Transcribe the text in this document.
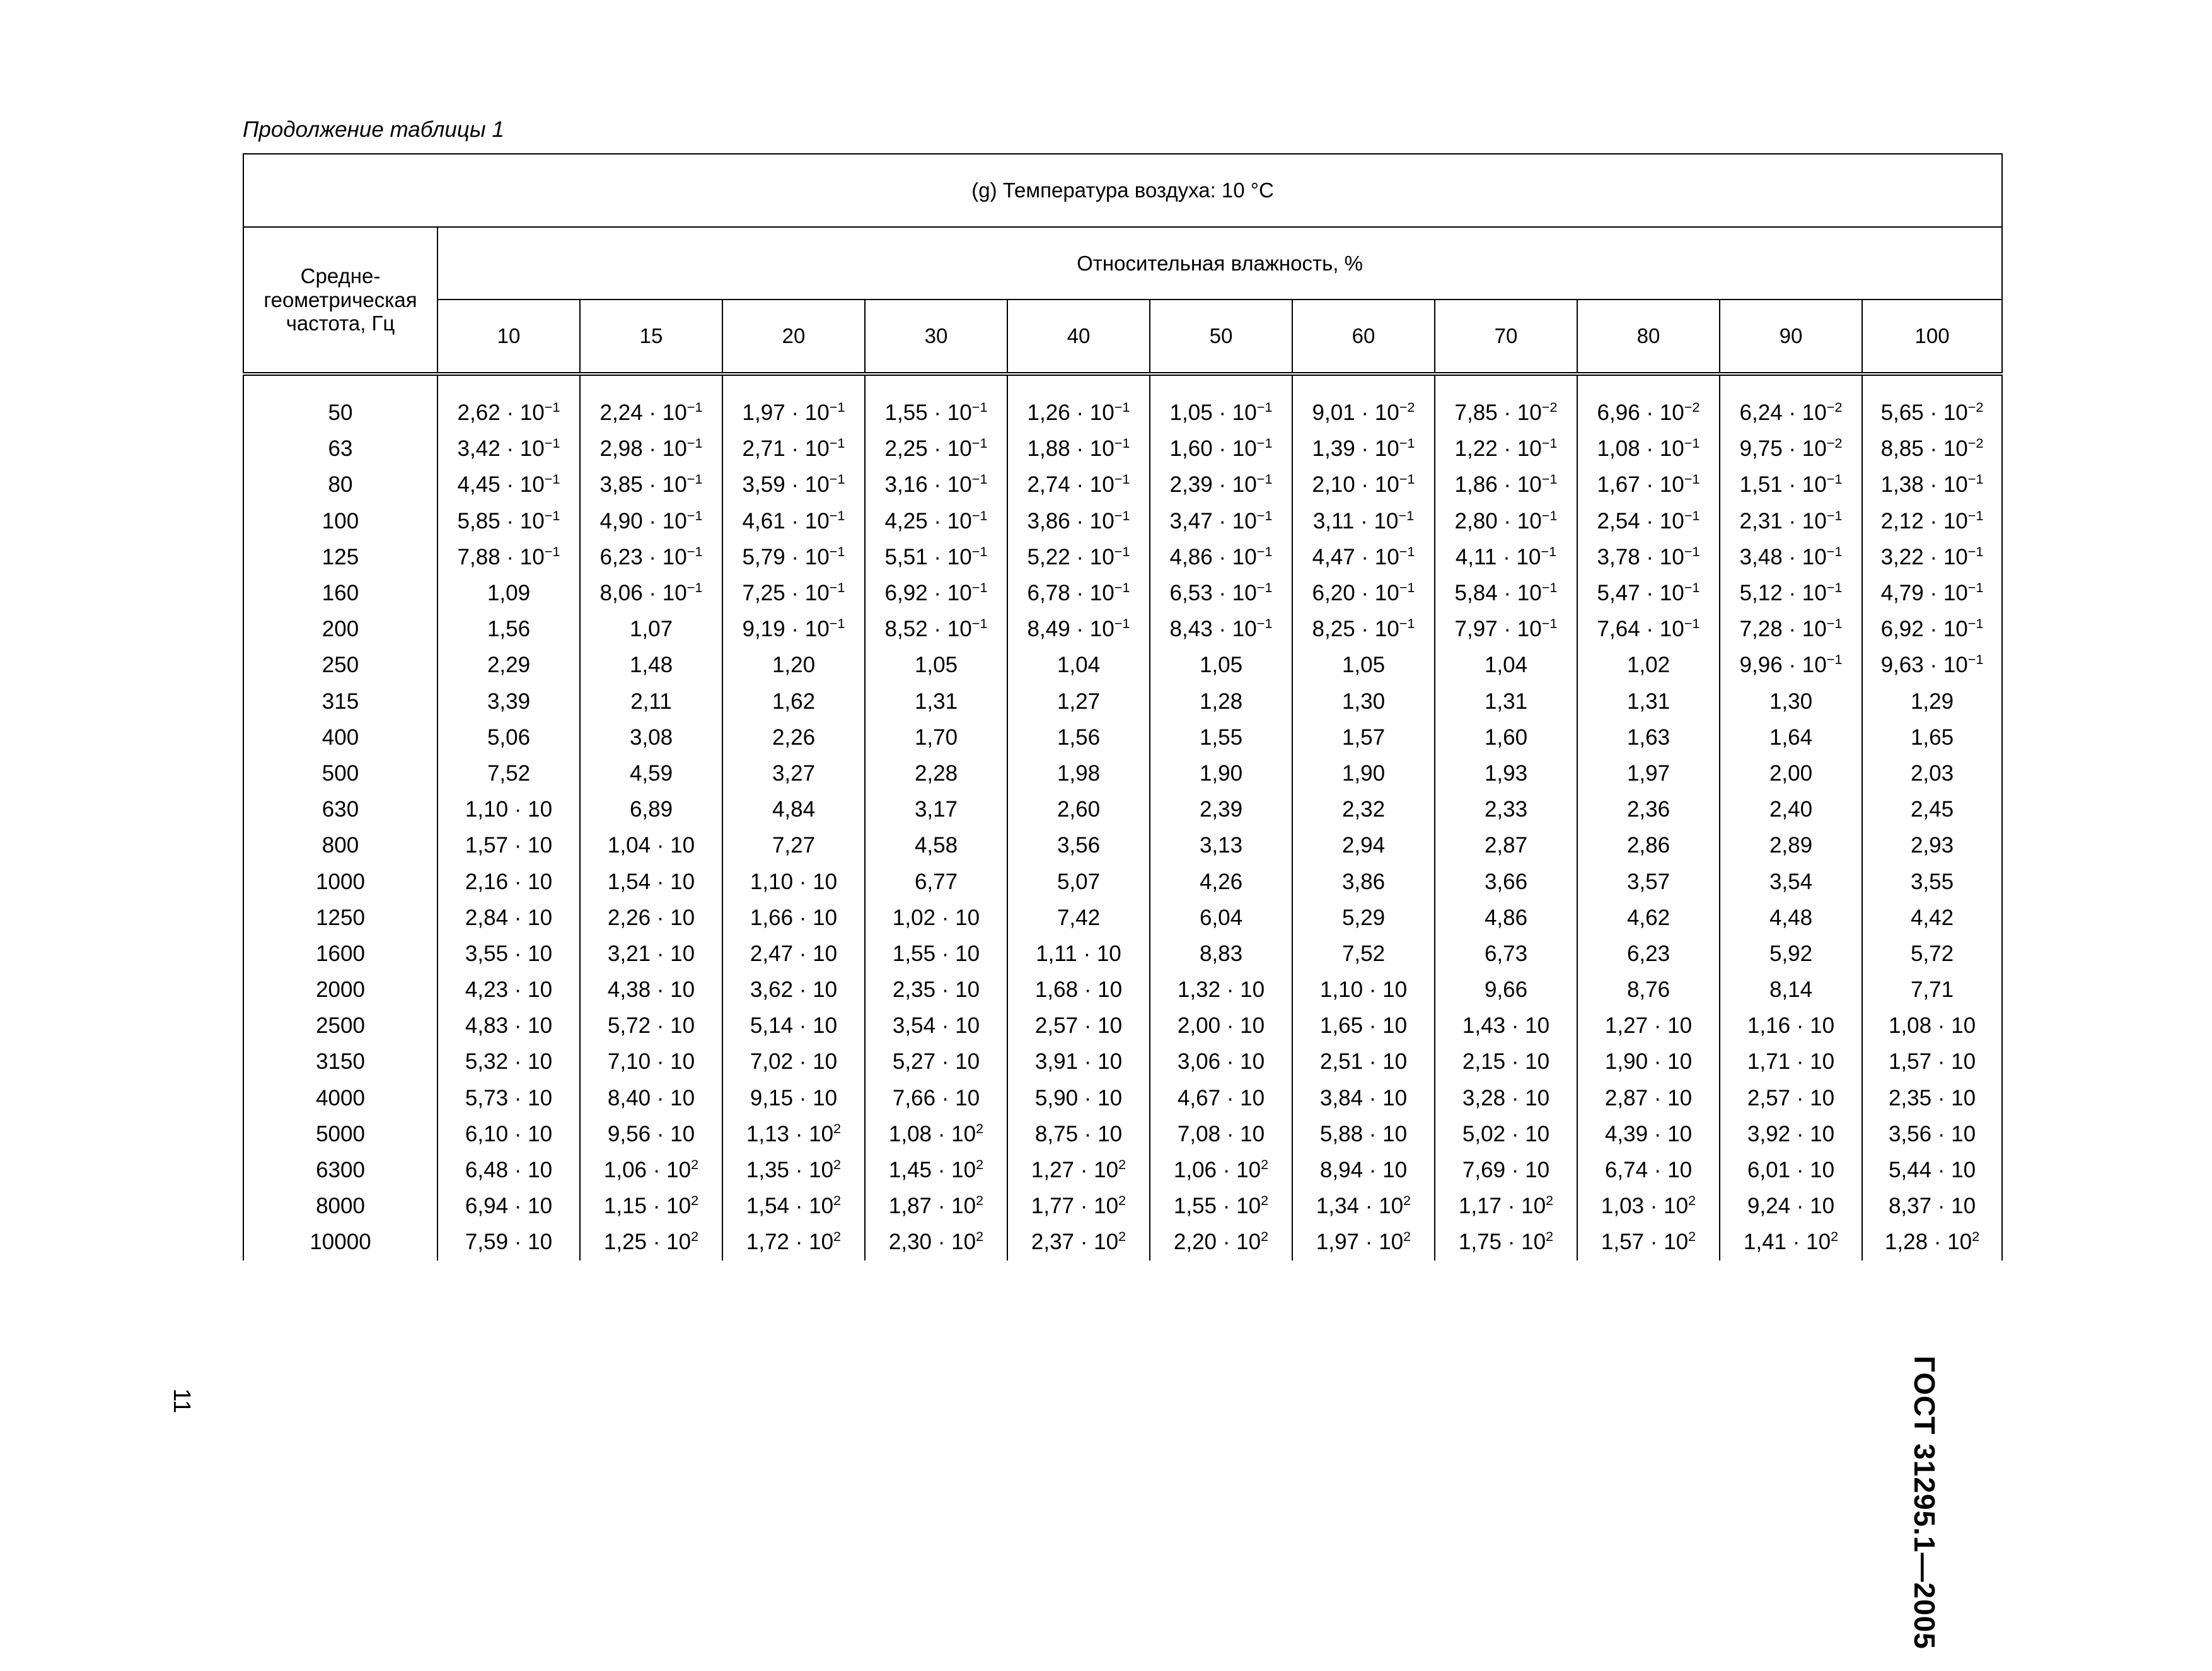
Продолжение таблицы 1

(g) Температура воздуха: 10 °C											
Средне-
геометрическая
частота, Гц	Относительная влажность, %										
	10	15	20	30	40	50	60	70	80	90	100
50	$2,62 \cdot 10^{-1}$	$2,24 \cdot 10^{-1}$	$1,97 \cdot 10^{-1}$	$1,55 \cdot 10^{-1}$	$1,26 \cdot 10^{-1}$	$1,05 \cdot 10^{-1}$	$9,01 \cdot 10^{-2}$	$7,85 \cdot 10^{-2}$	$6,96 \cdot 10^{-2}$	$6,24 \cdot 10^{-2}$	$5,65 \cdot 10^{-2}$
63	$3,42 \cdot 10^{-1}$	$2,98 \cdot 10^{-1}$	$2,71 \cdot 10^{-1}$	$2,25 \cdot 10^{-1}$	$1,88 \cdot 10^{-1}$	$1,60 \cdot 10^{-1}$	$1,39 \cdot 10^{-1}$	$1,22 \cdot 10^{-1}$	$1,08 \cdot 10^{-1}$	$9,75 \cdot 10^{-2}$	$8,85 \cdot 10^{-2}$
80	$4,45 \cdot 10^{-1}$	$3,85 \cdot 10^{-1}$	$3,59 \cdot 10^{-1}$	$3,16 \cdot 10^{-1}$	$2,74 \cdot 10^{-1}$	$2,39 \cdot 10^{-1}$	$2,10 \cdot 10^{-1}$	$1,86 \cdot 10^{-1}$	$1,67 \cdot 10^{-1}$	$1,51 \cdot 10^{-1}$	$1,38 \cdot 10^{-1}$
100	$5,85 \cdot 10^{-1}$	$4,90 \cdot 10^{-1}$	$4,61 \cdot 10^{-1}$	$4,25 \cdot 10^{-1}$	$3,86 \cdot 10^{-1}$	$3,47 \cdot 10^{-1}$	$3,11 \cdot 10^{-1}$	$2,80 \cdot 10^{-1}$	$2,54 \cdot 10^{-1}$	$2,31 \cdot 10^{-1}$	$2,12 \cdot 10^{-1}$
125	$7,88 \cdot 10^{-1}$	$6,23 \cdot 10^{-1}$	$5,79 \cdot 10^{-1}$	$5,51 \cdot 10^{-1}$	$5,22 \cdot 10^{-1}$	$4,86 \cdot 10^{-1}$	$4,47 \cdot 10^{-1}$	$4,11 \cdot 10^{-1}$	$3,78 \cdot 10^{-1}$	$3,48 \cdot 10^{-1}$	$3,22 \cdot 10^{-1}$
160	1,09	$8,06 \cdot 10^{-1}$	$7,25 \cdot 10^{-1}$	$6,92 \cdot 10^{-1}$	$6,78 \cdot 10^{-1}$	$6,53 \cdot 10^{-1}$	$6,20 \cdot 10^{-1}$	$5,84 \cdot 10^{-1}$	$5,47 \cdot 10^{-1}$	$5,12 \cdot 10^{-1}$	$4,79 \cdot 10^{-1}$
200	1,56	1,07	$9,19 \cdot 10^{-1}$	$8,52 \cdot 10^{-1}$	$8,49 \cdot 10^{-1}$	$8,43 \cdot 10^{-1}$	$8,25 \cdot 10^{-1}$	$7,97 \cdot 10^{-1}$	$7,64 \cdot 10^{-1}$	$7,28 \cdot 10^{-1}$	$6,92 \cdot 10^{-1}$
250	2,29	1,48	1,20	1,05	1,04	1,05	1,05	1,04	1,02	$9,96 \cdot 10^{-1}$	$9,63 \cdot 10^{-1}$
315	3,39	2,11	1,62	1,31	1,27	1,28	1,30	1,31	1,31	1,30	1,29
400	5,06	3,08	2,26	1,70	1,56	1,55	1,57	1,60	1,63	1,64	1,65
500	7,52	4,59	3,27	2,28	1,98	1,90	1,90	1,93	1,97	2,00	2,03
630	1,10 · 10	6,89	4,84	3,17	2,60	2,39	2,32	2,33	2,36	2,40	2,45
800	1,57 · 10	1,04 · 10	7,27	4,58	3,56	3,13	2,94	2,87	2,86	2,89	2,93
1000	2,16 · 10	1,54 · 10	1,10 · 10	6,77	5,07	4,26	3,86	3,66	3,57	3,54	3,55
1250	2,84 · 10	2,26 · 10	1,66 · 10	1,02 · 10	7,42	6,04	5,29	4,86	4,62	4,48	4,42
1600	3,55 · 10	3,21 · 10	2,47 · 10	1,55 · 10	1,11 · 10	8,83	7,52	6,73	6,23	5,92	5,72
2000	4,23 · 10	4,38 · 10	3,62 · 10	2,35 · 10	1,68 · 10	1,32 · 10	1,10 · 10	9,66	8,76	8,14	7,71
2500	4,83 · 10	5,72 · 10	5,14 · 10	3,54 · 10	2,57 · 10	2,00 · 10	1,65 · 10	1,43 · 10	1,27 · 10	1,16 · 10	1,08 · 10
3150	5,32 · 10	7,10 · 10	7,02 · 10	5,27 · 10	3,91 · 10	3,06 · 10	2,51 · 10	2,15 · 10	1,90 · 10	1,71 · 10	1,57 · 10
4000	5,73 · 10	8,40 · 10	9,15 · 10	7,66 · 10	5,90 · 10	4,67 · 10	3,84 · 10	3,28 · 10	2,87 · 10	2,57 · 10	2,35 · 10
5000	6,10 · 10	9,56 · 10	$1,13 \cdot 10^2$	$1,08 \cdot 10^2$	8,75 · 10	7,08 · 10	5,88 · 10	5,02 · 10	4,39 · 10	3,92 · 10	3,56 · 10
6300	6,48 · 10	$1,06 \cdot 10^2$	$1,35 \cdot 10^2$	$1,45 \cdot 10^2$	$1,27 \cdot 10^2$	$1,06 \cdot 10^2$	8,94 · 10	7,69 · 10	6,74 · 10	6,01 · 10	5,44 · 10
8000	6,94 · 10	$1,15 \cdot 10^2$	$1,54 \cdot 10^2$	$1,87 \cdot 10^2$	$1,77 \cdot 10^2$	$1,55 \cdot 10^2$	$1,34 \cdot 10^2$	$1,17 \cdot 10^2$	$1,03 \cdot 10^2$	9,24 · 10	8,37 · 10
10000	7,59 · 10	$1,25 \cdot 10^2$	$1,72 \cdot 10^2$	$2,30 \cdot 10^2$	$2,37 \cdot 10^2$	$2,20 \cdot 10^2$	$1,97 \cdot 10^2$	$1,75 \cdot 10^2$	$1,57 \cdot 10^2$	$1,41 \cdot 10^2$	$1,28 \cdot 10^2$
11	ГОСТ 31295.1—2005
